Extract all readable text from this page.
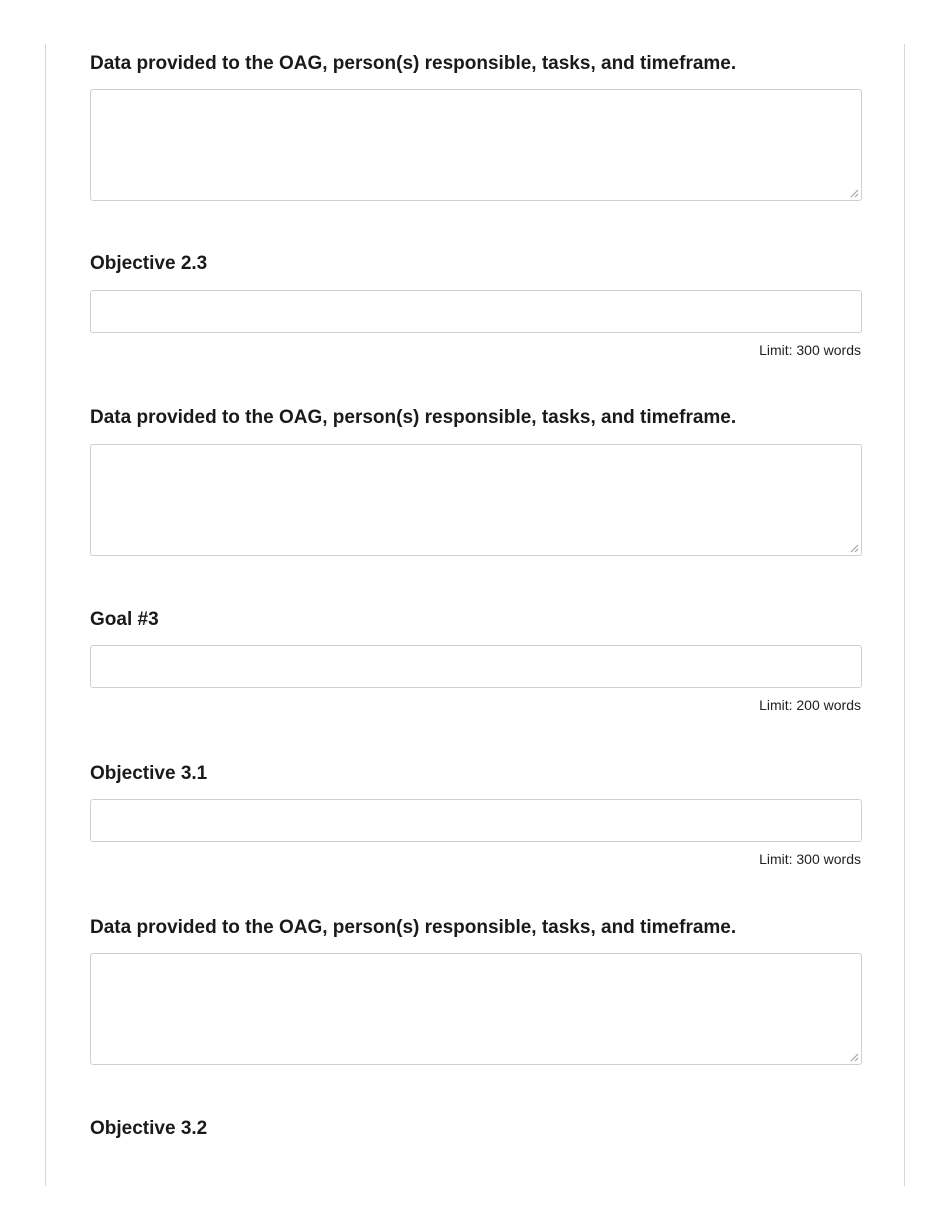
Data provided to the OAG, person(s) responsible, tasks, and timeframe.
Objective 2.3
Limit: 300 words
Data provided to the OAG, person(s) responsible, tasks, and timeframe.
Goal #3
Limit: 200 words
Objective 3.1
Limit: 300 words
Data provided to the OAG, person(s) responsible, tasks, and timeframe.
Objective 3.2
